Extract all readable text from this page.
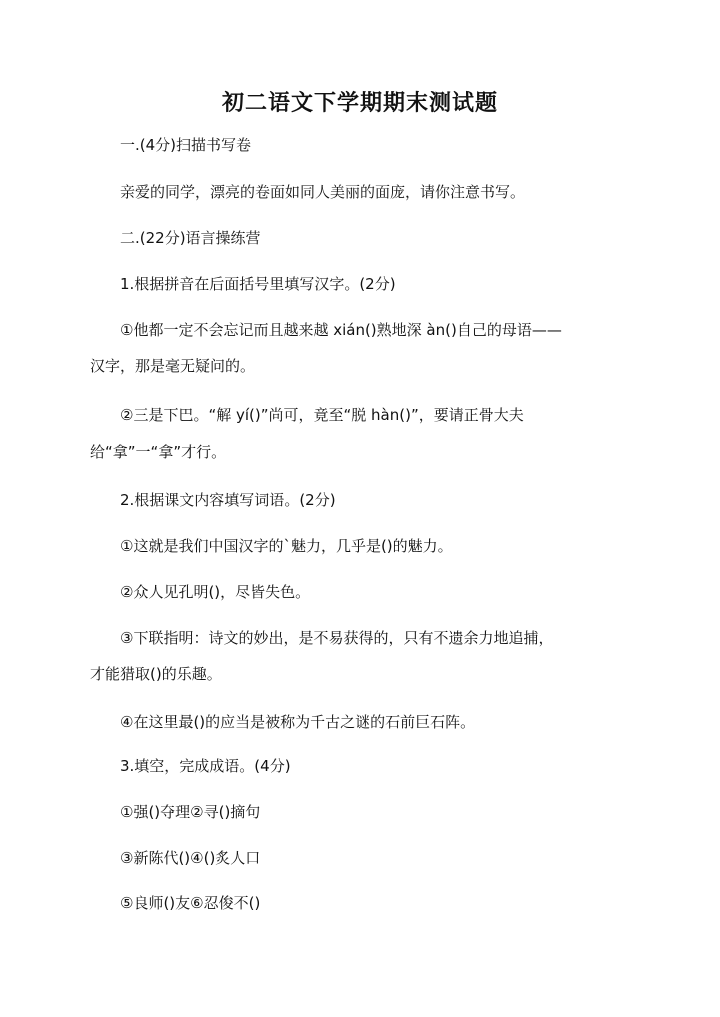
初二语文下学期期末测试题
一.(4分)扫描书写卷
亲爱的同学，漂亮的卷面如同人美丽的面庞，请你注意书写。
二.(22分)语言操练营
1.根据拼音在后面括号里填写汉字。(2分)
①他都一定不会忘记而且越来越 xián()熟地深 àn()自己的母语——
汉字，那是毫无疑问的。
②三是下巴。“解 yí()”尚可，竟至“脱 hàn()”，要请正骨大夫
给“拿”一“拿”才行。
2.根据课文内容填写词语。(2分)
①这就是我们中国汉字的`魅力，几乎是()的魅力。
②众人见孔明()，尽皆失色。
③下联指明：诗文的妙出，是不易获得的，只有不遗余力地追捕，
才能猎取()的乐趣。
④在这里最()的应当是被称为千古之谜的石前巨石阵。
3.填空，完成成语。(4分)
①强()夺理②寻()摘句
③新陈代()④()炙人口
⑤良师()友⑥忍俊不()
